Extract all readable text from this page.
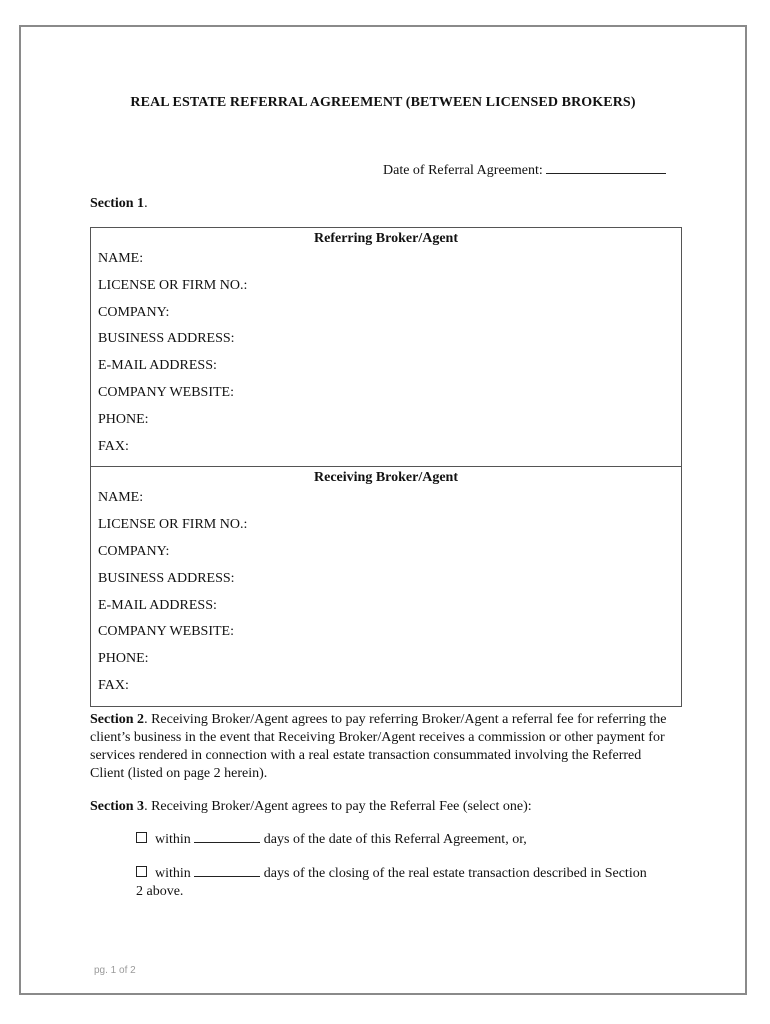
REAL ESTATE REFERRAL AGREEMENT (BETWEEN LICENSED BROKERS)
Date of Referral Agreement:
Section 1.
Referring Broker/Agent
NAME:
LICENSE OR FIRM NO.:
COMPANY:
BUSINESS ADDRESS:
E-MAIL ADDRESS:
COMPANY WEBSITE:
PHONE:
FAX:
Receiving Broker/Agent
NAME:
LICENSE OR FIRM NO.:
COMPANY:
BUSINESS ADDRESS:
E-MAIL ADDRESS:
COMPANY WEBSITE:
PHONE:
FAX:
Section 2. Receiving Broker/Agent agrees to pay referring Broker/Agent a referral fee for referring the client’s business in the event that Receiving Broker/Agent receives a commission or other payment for services rendered in connection with a real estate transaction consummated involving the Referred Client (listed on page 2 herein).
Section 3. Receiving Broker/Agent agrees to pay the Referral Fee (select one):
within	days of the date of this Referral Agreement, or,
within	days of the closing of the real estate transaction described in Section 2 above.
pg. 1 of 2
